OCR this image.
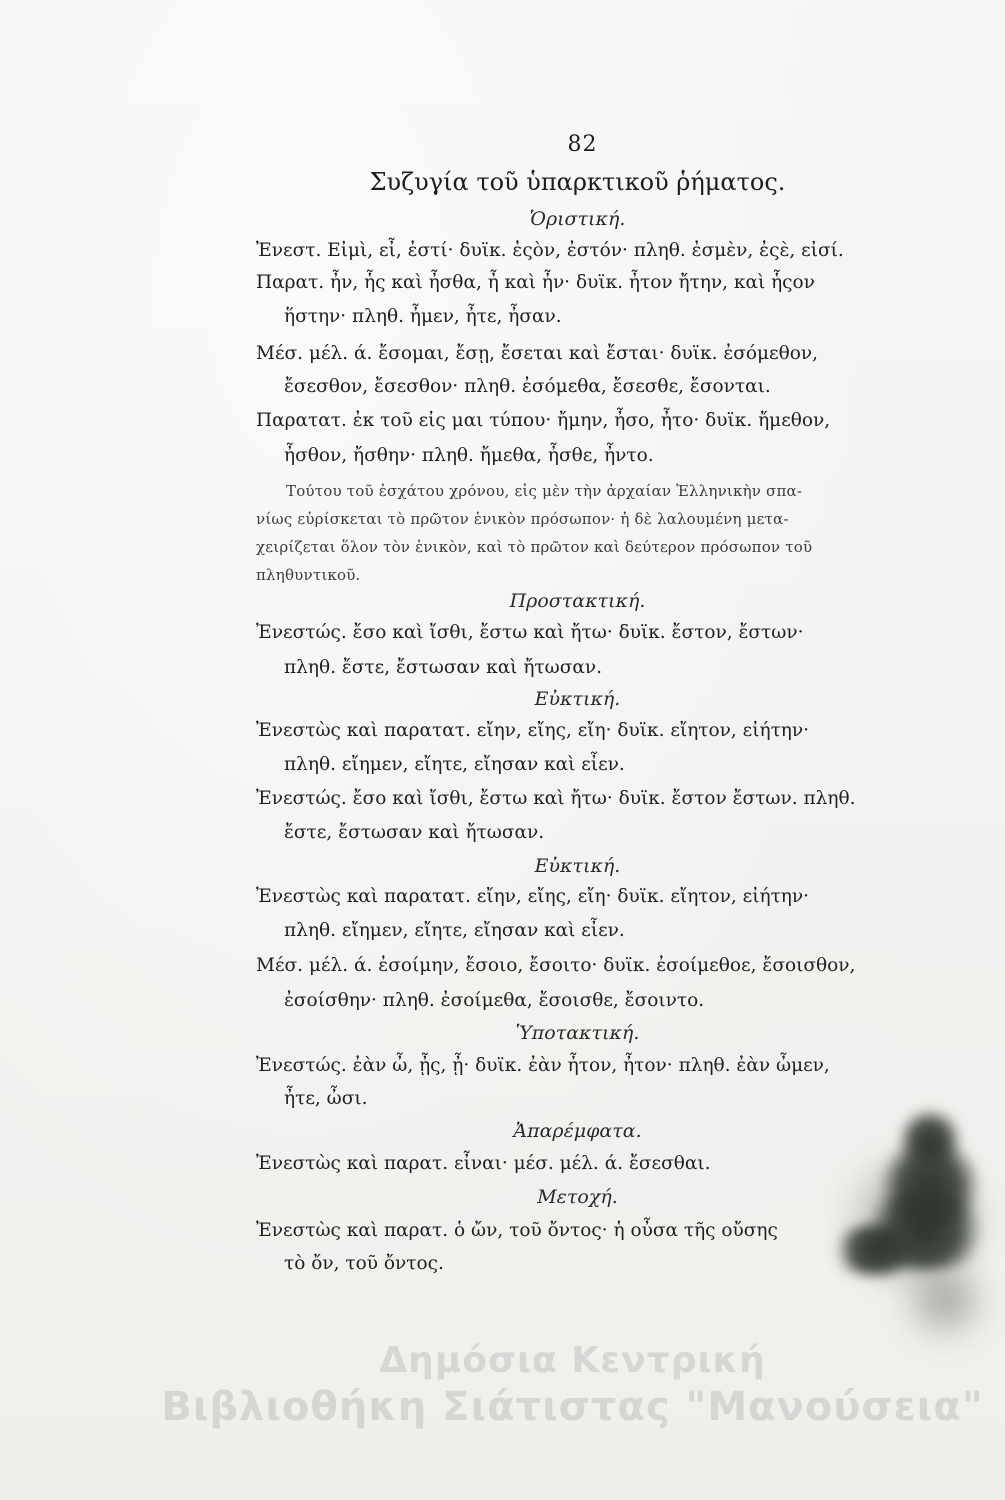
82
Συζυγία τοῦ ὑπαρκτικοῦ ῥήματος.
Ὁριστική.
Ἐνεστ. Εἰμὶ, εἶ, ἐστί· δυϊκ. ἐςὸν, ἐστόν· πληθ. ἐσμὲν, ἐςὲ, εἰσί.
Παρατ. ἦν, ἧς καὶ ἦσθα, ἦ καὶ ἦν· δυϊκ. ἦτον ἤτην, καὶ ἧςον
ἥστην· πληθ. ἦμεν, ἦτε, ἦσαν.
Μέσ. μέλ. ά. ἔσομαι, ἔσῃ, ἔσεται καὶ ἔσται· δυϊκ. ἐσόμεθον,
ἔσεσθον, ἔσεσθον· πληθ. ἐσόμεθα, ἔσεσθε, ἔσονται.
Παρατατ. ἐκ τοῦ εἰς μαι τύπου· ἤμην, ἦσο, ἦτο· δυϊκ. ἤμεθον,
ἦσθον, ἤσθην· πληθ. ἤμεθα, ἦσθε, ἦντο.
Τούτου τοῦ ἐσχάτου χρόνου, εἰς μὲν τὴν ἀρχαίαν Ἑλληνικὴν σπα-
νίως εὑρίσκεται τὸ πρῶτον ἑνικὸν πρόσωπον· ἡ δὲ λαλουμένη μετα-
χειρίζεται ὅλον τὸν ἑνικὸν, καὶ τὸ πρῶτον καὶ δεύτερον πρόσωπον τοῦ
πληθυντικοῦ.
Προστακτική.
Ἐνεστώς. ἔσο καὶ ἴσθι, ἔστω καὶ ἤτω· δυϊκ. ἔστον, ἔστων·
πληθ. ἔστε, ἔστωσαν καὶ ἤτωσαν.
Εὐκτική.
Ἐνεστὼς καὶ παρατατ. εἴην, εἴης, εἴη· δυϊκ. εἴητον, εἰήτην·
πληθ. εἴημεν, εἴητε, εἴησαν καὶ εἶεν.
Ἐνεστώς. ἔσο καὶ ἴσθι, ἔστω καὶ ἤτω· δυϊκ. ἔστον ἔστων. πληθ.
ἔστε, ἔστωσαν καὶ ἤτωσαν.
Εὐκτική.
Ἐνεστὼς καὶ παρατατ. εἴην, εἴης, εἴη· δυϊκ. εἴητον, εἰήτην·
πληθ. εἴημεν, εἴητε, εἴησαν καὶ εἶεν.
Μέσ. μέλ. ά. ἐσοίμην, ἔσοιο, ἔσοιτο· δυϊκ. ἐσοίμεθοε, ἔσοισθον,
ἐσοίσθην· πληθ. ἐσοίμεθα, ἔσοισθε, ἔσοιντο.
Ὑποτακτική.
Ἐνεστώς. ἐὰν ὦ, ᾖς, ᾖ· δυϊκ. ἐὰν ἦτον, ἦτον· πληθ. ἐὰν ὦμεν,
ἦτε, ὦσι.
Ἀπαρέμφατα.
Ἐνεστὼς καὶ παρατ. εἶναι· μέσ. μέλ. ά. ἔσεσθαι.
Μετοχή.
Ἐνεστὼς καὶ παρατ. ὁ ὤν, τοῦ ὄντος· ἡ οὖσα τῆς οὔσης
τὸ ὄν, τοῦ ὄντος.
Δημόσια Κεντρική
Βιβλιοθήκη Σιάτιστας "Μανούσεια"
